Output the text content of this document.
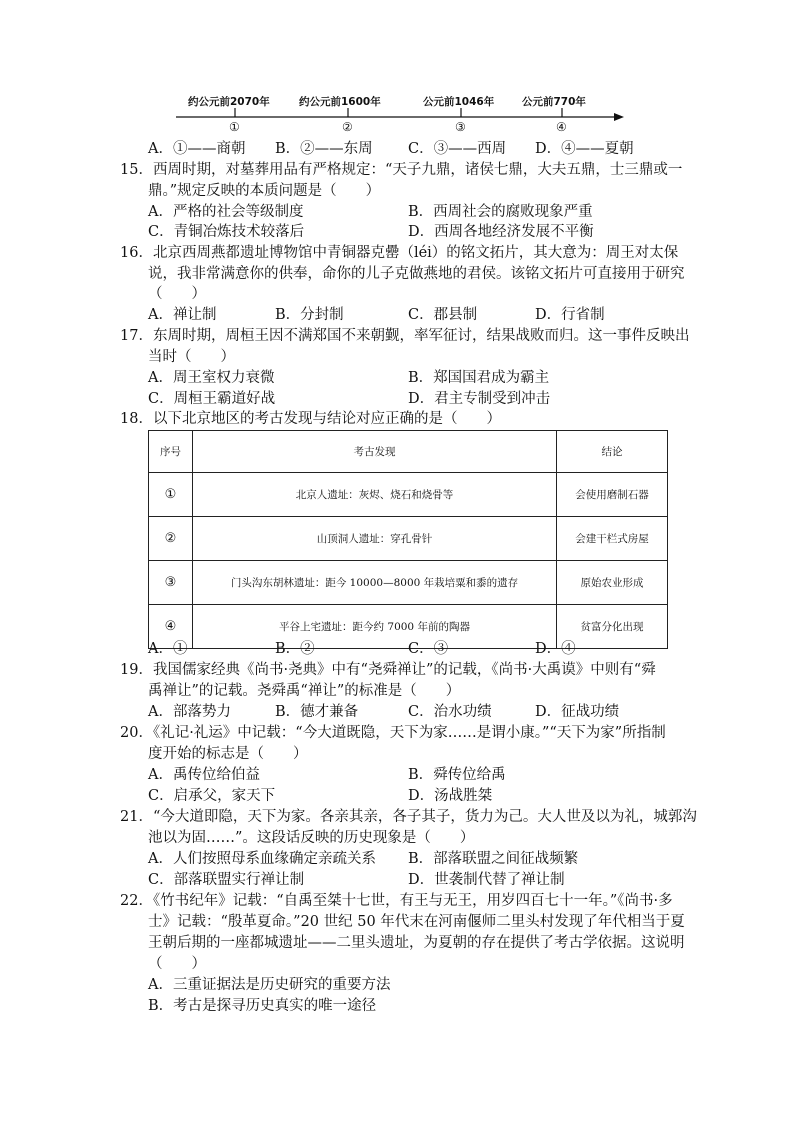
约公元前2070年	约公元前1600年	公元前1046年	公元前770年
①	②	③	④
A．①——商朝 B．②——东周 C．③——西周 D．④——夏朝
15．西周时期，对墓葬用品有严格规定：“天子九鼎，诸侯七鼎，大夫五鼎，士三鼎或一
鼎。”规定反映的本质问题是（　　）
A．严格的社会等级制度	B．西周社会的腐败现象严重
C．青铜冶炼技术较落后	D．西周各地经济发展不平衡
16．北京西周燕都遗址博物馆中青铜器克罍（léi）的铭文拓片，其大意为：周王对太保
说，我非常满意你的供奉，命你的儿子克做燕地的君侯。该铭文拓片可直接用于研究
（　　）
A．禅让制	B．分封制	C．郡县制	D．行省制
17．东周时期，周桓王因不满郑国不来朝觐，率军征讨，结果战败而归。这一事件反映出
当时（　　）
A．周王室权力衰微	B．郑国国君成为霸主
C．周桓王霸道好战	D．君主专制受到冲击
18．以下北京地区的考古发现与结论对应正确的是（　　）
序号	考古发现	结论
①	北京人遗址：灰烬、烧石和烧骨等	会使用磨制石器
②	山顶洞人遗址：穿孔骨针	会建干栏式房屋
③	门头沟东胡林遗址：距今 10000—8000 年栽培粟和黍的遗存	原始农业形成
④	平谷上宅遗址：距今约 7000 年前的陶器	贫富分化出现
A．①	B．②	C．③	D．④
19．我国儒家经典《尚书·尧典》中有“尧舜禅让”的记载，《尚书·大禹谟》中则有“舜
禹禅让”的记载。尧舜禹“禅让”的标准是（　　）
A．部落势力	B．德才兼备	C．治水功绩	D．征战功绩
20．《礼记·礼运》中记载：“今大道既隐，天下为家……是谓小康。”“天下为家”所指制
度开始的标志是（　　）
A．禹传位给伯益	B．舜传位给禹
C．启承父，家天下	D．汤战胜桀
21．“今大道即隐，天下为家。各亲其亲，各子其子，货力为己。大人世及以为礼，城郭沟
池以为固……”。这段话反映的历史现象是（　　）
A．人们按照母系血缘确定亲疏关系 B．部落联盟之间征战频繁
C．部落联盟实行禅让制	D．世袭制代替了禅让制
22．《竹书纪年》记载：“自禹至桀十七世，有王与无王，用岁四百七十一年。”《尚书·多
士》记载：“殷革夏命。”20 世纪 50 年代末在河南偃师二里头村发现了年代相当于夏
王朝后期的一座都城遗址——二里头遗址，为夏朝的存在提供了考古学依据。这说明
（　　）
A．三重证据法是历史研究的重要方法
B．考古是探寻历史真实的唯一途径
